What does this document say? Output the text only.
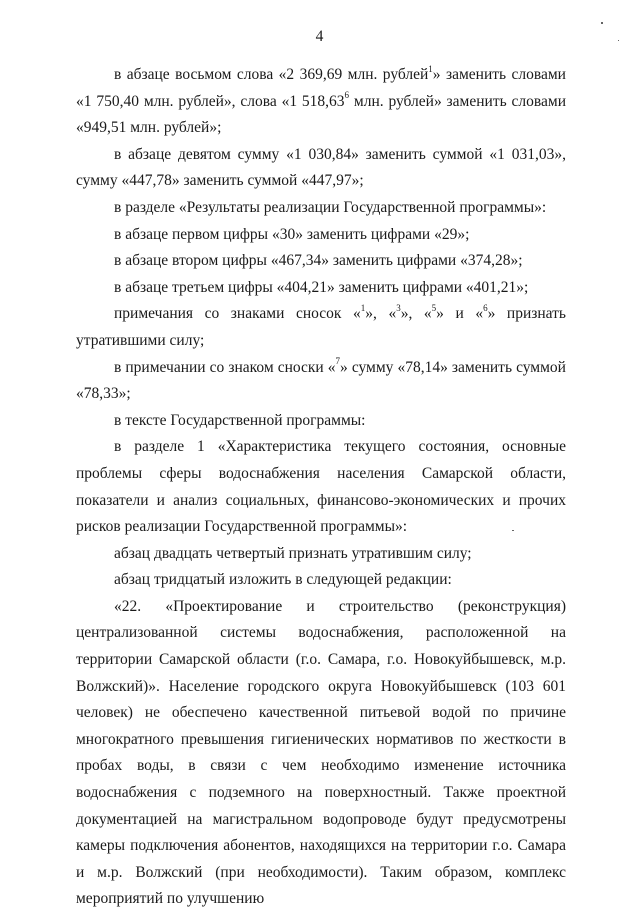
4

в абзаце восьмом слова «2 369,69 млн. рублей$^1$» заменить словами «1 750,40 млн. рублей», слова «1 518,63$^6$ млн. рублей» заменить словами «949,51 млн. рублей»;

в абзаце девятом сумму «1 030,84» заменить суммой «1 031,03», сумму «447,78» заменить суммой «447,97»;

в разделе «Результаты реализации Государственной программы»:

в абзаце первом цифры «30» заменить цифрами «29»;

в абзаце втором цифры «467,34» заменить цифрами «374,28»;

в абзаце третьем цифры «404,21» заменить цифрами «401,21»;

примечания со знаками сносок «$^1$», «$^3$», «$^5$» и «$^6$» признать утратившими силу;

в примечании со знаком сноски «$^7$» сумму «78,14» заменить суммой «78,33»;

в тексте Государственной программы:

в разделе 1 «Характеристика текущего состояния, основные проблемы сферы водоснабжения населения Самарской области, показатели и анализ социальных, финансово-экономических и прочих рисков реализации Государственной программы»:

абзац двадцать четвертый признать утратившим силу;

абзац тридцатый изложить в следующей редакции:

«22. «Проектирование и строительство (реконструкция) централизованной системы водоснабжения, расположенной на территории Самарской области (г.о. Самара, г.о. Новокуйбышевск, м.р. Волжский)». Население городского округа Новокуйбышевск (103 601 человек) не обеспечено качественной питьевой водой по причине многократного превышения гигиенических нормативов по жесткости в пробах воды, в связи с чем необходимо изменение источника водоснабжения с подземного на поверхностный. Также проектной документацией на магистральном водопроводе будут предусмотрены камеры подключения абонентов, находящихся на территории г.о. Самара и м.р. Волжский (при необходимости). Таким образом, комплекс мероприятий по улучшению
